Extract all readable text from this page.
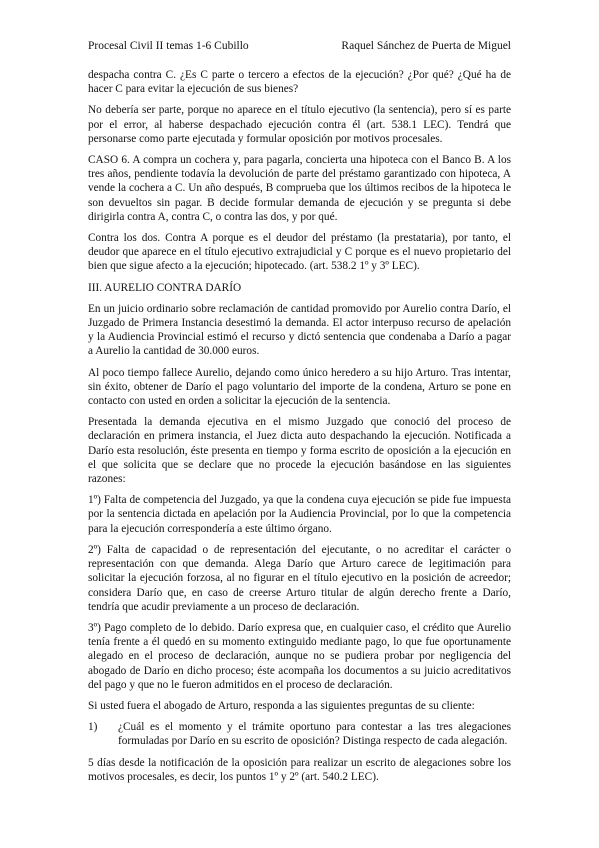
Procesal Civil II temas 1-6 Cubillo	Raquel Sánchez de Puerta de Miguel

despacha contra C. ¿Es C parte o tercero a efectos de la ejecución? ¿Por qué? ¿Qué ha de hacer C para evitar la ejecución de sus bienes?

No debería ser parte, porque no aparece en el título ejecutivo (la sentencia), pero sí es parte por el error, al haberse despachado ejecución contra él (art. 538.1 LEC). Tendrá que personarse como parte ejecutada y formular oposición por motivos procesales.

CASO 6. A compra un cochera y, para pagarla, concierta una hipoteca con el Banco B. A los tres años, pendiente todavía la devolución de parte del préstamo garantizado con hipoteca, A vende la cochera a C. Un año después, B comprueba que los últimos recibos de la hipoteca le son devueltos sin pagar. B decide formular demanda de ejecución y se pregunta si debe dirigirla contra A, contra C, o contra las dos, y por qué.

Contra los dos. Contra A porque es el deudor del préstamo (la prestataria), por tanto, el deudor que aparece en el título ejecutivo extrajudicial y C porque es el nuevo propietario del bien que sigue afecto a la ejecución; hipotecado. (art. 538.2 1º y 3º LEC).

III. AURELIO CONTRA DARÍO

En un juicio ordinario sobre reclamación de cantidad promovido por Aurelio contra Darío, el Juzgado de Primera Instancia desestimó la demanda. El actor interpuso recurso de apelación y la Audiencia Provincial estimó el recurso y dictó sentencia que condenaba a Darío a pagar a Aurelio la cantidad de 30.000 euros.

Al poco tiempo fallece Aurelio, dejando como único heredero a su hijo Arturo. Tras intentar, sin éxito, obtener de Darío el pago voluntario del importe de la condena, Arturo se pone en contacto con usted en orden a solicitar la ejecución de la sentencia.

Presentada la demanda ejecutiva en el mismo Juzgado que conoció del proceso de declaración en primera instancia, el Juez dicta auto despachando la ejecución. Notificada a Darío esta resolución, éste presenta en tiempo y forma escrito de oposición a la ejecución en el que solicita que se declare que no procede la ejecución basándose en las siguientes razones:

1º) Falta de competencia del Juzgado, ya que la condena cuya ejecución se pide fue impuesta por la sentencia dictada en apelación por la Audiencia Provincial, por lo que la competencia para la ejecución correspondería a este último órgano.

2º) Falta de capacidad o de representación del ejecutante, o no acreditar el carácter o representación con que demanda. Alega Darío que Arturo carece de legitimación para solicitar la ejecución forzosa, al no figurar en el título ejecutivo en la posición de acreedor; considera Darío que, en caso de creerse Arturo titular de algún derecho frente a Darío, tendría que acudir previamente a un proceso de declaración.

3º) Pago completo de lo debido. Darío expresa que, en cualquier caso, el crédito que Aurelio tenía frente a él quedó en su momento extinguido mediante pago, lo que fue oportunamente alegado en el proceso de declaración, aunque no se pudiera probar por negligencia del abogado de Darío en dicho proceso; éste acompaña los documentos a su juicio acreditativos del pago y que no le fueron admitidos en el proceso de declaración.

Si usted fuera el abogado de Arturo, responda a las siguientes preguntas de su cliente:

1)	¿Cuál es el momento y el trámite oportuno para contestar a las tres alegaciones formuladas por Darío en su escrito de oposición? Distinga respecto de cada alegación.

5 días desde la notificación de la oposición para realizar un escrito de alegaciones sobre los motivos procesales, es decir, los puntos 1º y 2º (art. 540.2 LEC).
